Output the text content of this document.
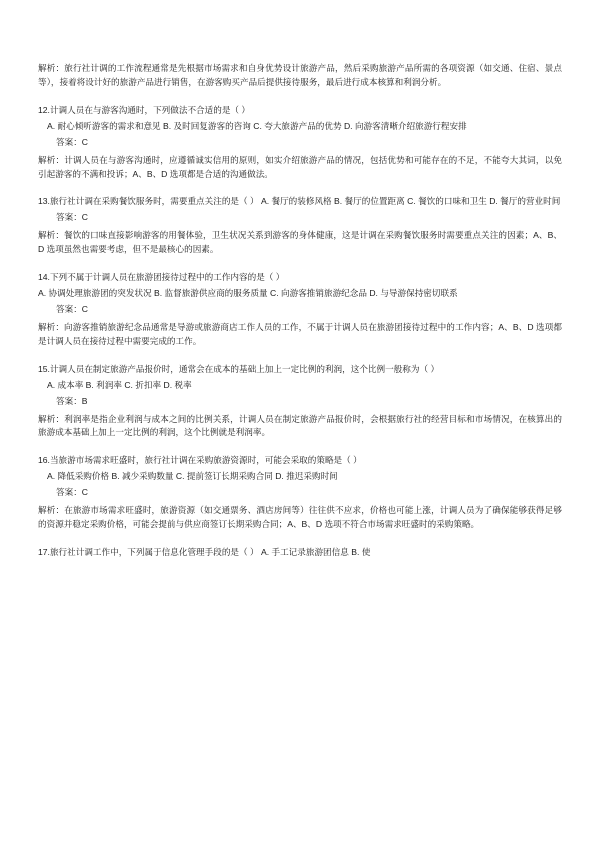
解析：旅行社计调的工作流程通常是先根据市场需求和自身优势设计旅游产品，然后采购旅游产品所需的各项资源（如交通、住宿、景点等），接着将设计好的旅游产品进行销售，在游客购买产品后提供接待服务，最后进行成本核算和利润分析。

12.计调人员在与游客沟通时，下列做法不合适的是（ ）

A. 耐心倾听游客的需求和意见 B. 及时回复游客的咨询 C. 夸大旅游产品的优势 D. 向游客清晰介绍旅游行程安排

答案：C

解析：计调人员在与游客沟通时，应遵循诚实信用的原则，如实介绍旅游产品的情况，包括优势和可能存在的不足，不能夸大其词，以免引起游客的不满和投诉；A、B、D 选项都是合适的沟通做法。

13.旅行社计调在采购餐饮服务时，需要重点关注的是（ ） A. 餐厅的装修风格 B. 餐厅的位置距离 C. 餐饮的口味和卫生 D. 餐厅的营业时间

答案：C

解析：餐饮的口味直接影响游客的用餐体验，卫生状况关系到游客的身体健康，这是计调在采购餐饮服务时需要重点关注的因素；A、B、D 选项虽然也需要考虑，但不是最核心的因素。

14.下列不属于计调人员在旅游团接待过程中的工作内容的是（ ）

A. 协调处理旅游团的突发状况 B. 监督旅游供应商的服务质量 C. 向游客推销旅游纪念品 D. 与导游保持密切联系

答案：C

解析：向游客推销旅游纪念品通常是导游或旅游商店工作人员的工作，不属于计调人员在旅游团接待过程中的工作内容；A、B、D 选项都是计调人员在接待过程中需要完成的工作。

15.计调人员在制定旅游产品报价时，通常会在成本的基础上加上一定比例的利润，这个比例一般称为（ ）

A. 成本率 B. 利润率 C. 折扣率 D. 税率

答案：B

解析：利润率是指企业利润与成本之间的比例关系，计调人员在制定旅游产品报价时，会根据旅行社的经营目标和市场情况，在核算出的旅游成本基础上加上一定比例的利润，这个比例就是利润率。

16.当旅游市场需求旺盛时，旅行社计调在采购旅游资源时，可能会采取的策略是（ ）

A. 降低采购价格 B. 减少采购数量 C. 提前签订长期采购合同 D. 推迟采购时间

答案：C

解析：在旅游市场需求旺盛时，旅游资源（如交通票务、酒店房间等）往往供不应求，价格也可能上涨，计调人员为了确保能够获得足够的资源并稳定采购价格，可能会提前与供应商签订长期采购合同；A、B、D 选项不符合市场需求旺盛时的采购策略。

17.旅行社计调工作中，下列属于信息化管理手段的是（ ） A. 手工记录旅游团信息 B. 使
